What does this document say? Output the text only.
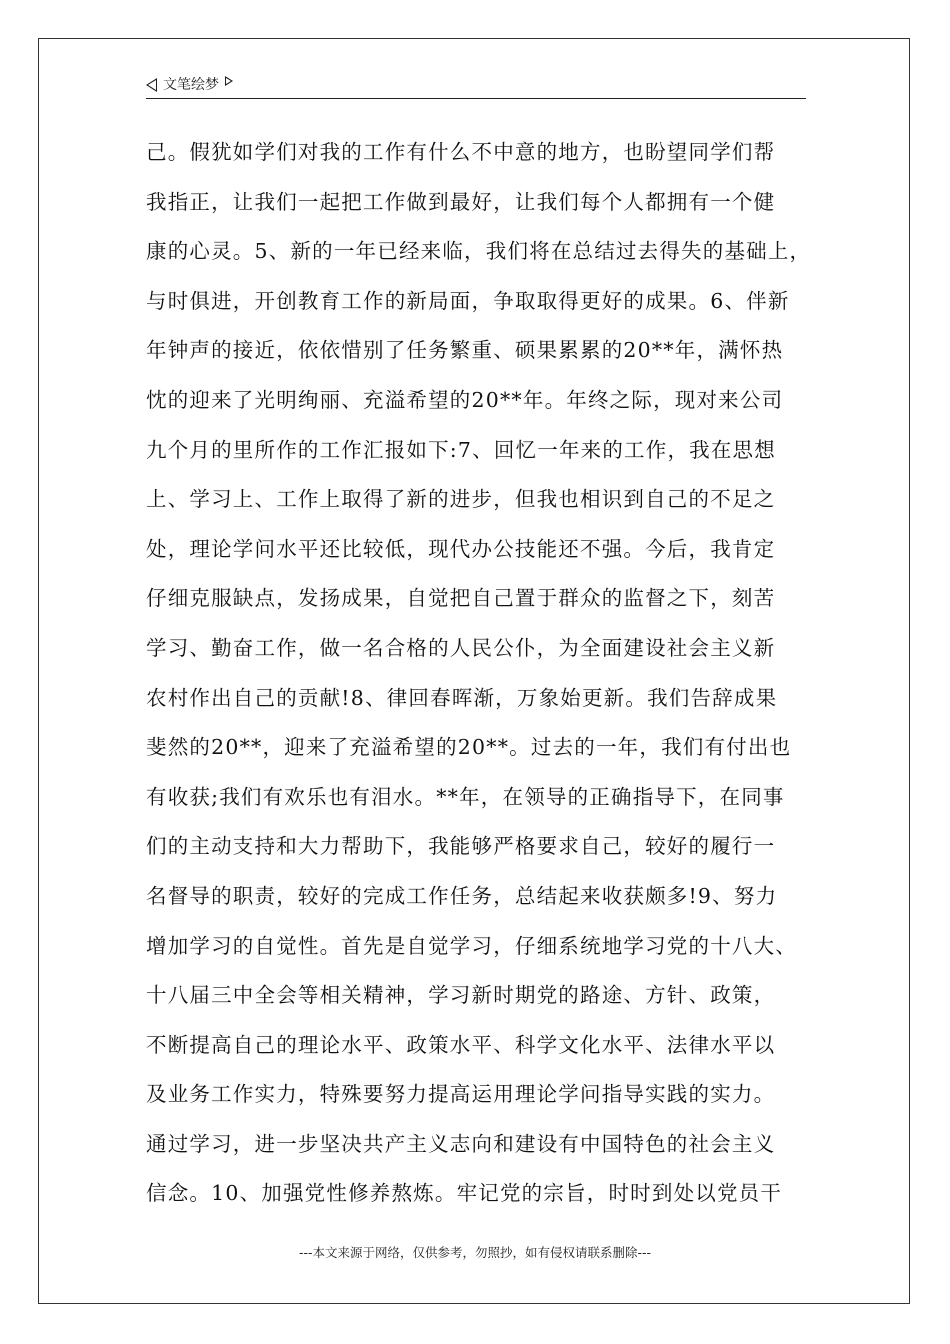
文笔绘梦
己。假犹如学们对我的工作有什么不中意的地方，也盼望同学们帮
我指正，让我们一起把工作做到最好，让我们每个人都拥有一个健
康的心灵。5、新的一年已经来临，我们将在总结过去得失的基础上，
与时俱进，开创教育工作的新局面，争取取得更好的成果。6、伴新
年钟声的接近，依依惜别了任务繁重、硕果累累的20**年，满怀热
忱的迎来了光明绚丽、充溢希望的20**年。年终之际，现对来公司
九个月的里所作的工作汇报如下:7、回忆一年来的工作，我在思想
上、学习上、工作上取得了新的进步，但我也相识到自己的不足之
处，理论学问水平还比较低，现代办公技能还不强。今后，我肯定
仔细克服缺点，发扬成果，自觉把自己置于群众的监督之下，刻苦
学习、勤奋工作，做一名合格的人民公仆，为全面建设社会主义新
农村作出自己的贡献!8、律回春晖渐，万象始更新。我们告辞成果
斐然的20**，迎来了充溢希望的20**。过去的一年，我们有付出也
有收获;我们有欢乐也有泪水。**年，在领导的正确指导下，在同事
们的主动支持和大力帮助下，我能够严格要求自己，较好的履行一
名督导的职责，较好的完成工作任务，总结起来收获颇多!9、努力
增加学习的自觉性。首先是自觉学习，仔细系统地学习党的十八大、
十八届三中全会等相关精神，学习新时期党的路途、方针、政策，
不断提高自己的理论水平、政策水平、科学文化水平、法律水平以
及业务工作实力，特殊要努力提高运用理论学问指导实践的实力。
通过学习，进一步坚决共产主义志向和建设有中国特色的社会主义
信念。10、加强党性修养熬炼。牢记党的宗旨，时时到处以党员干
---本文来源于网络，仅供参考，勿照抄，如有侵权请联系删除---
